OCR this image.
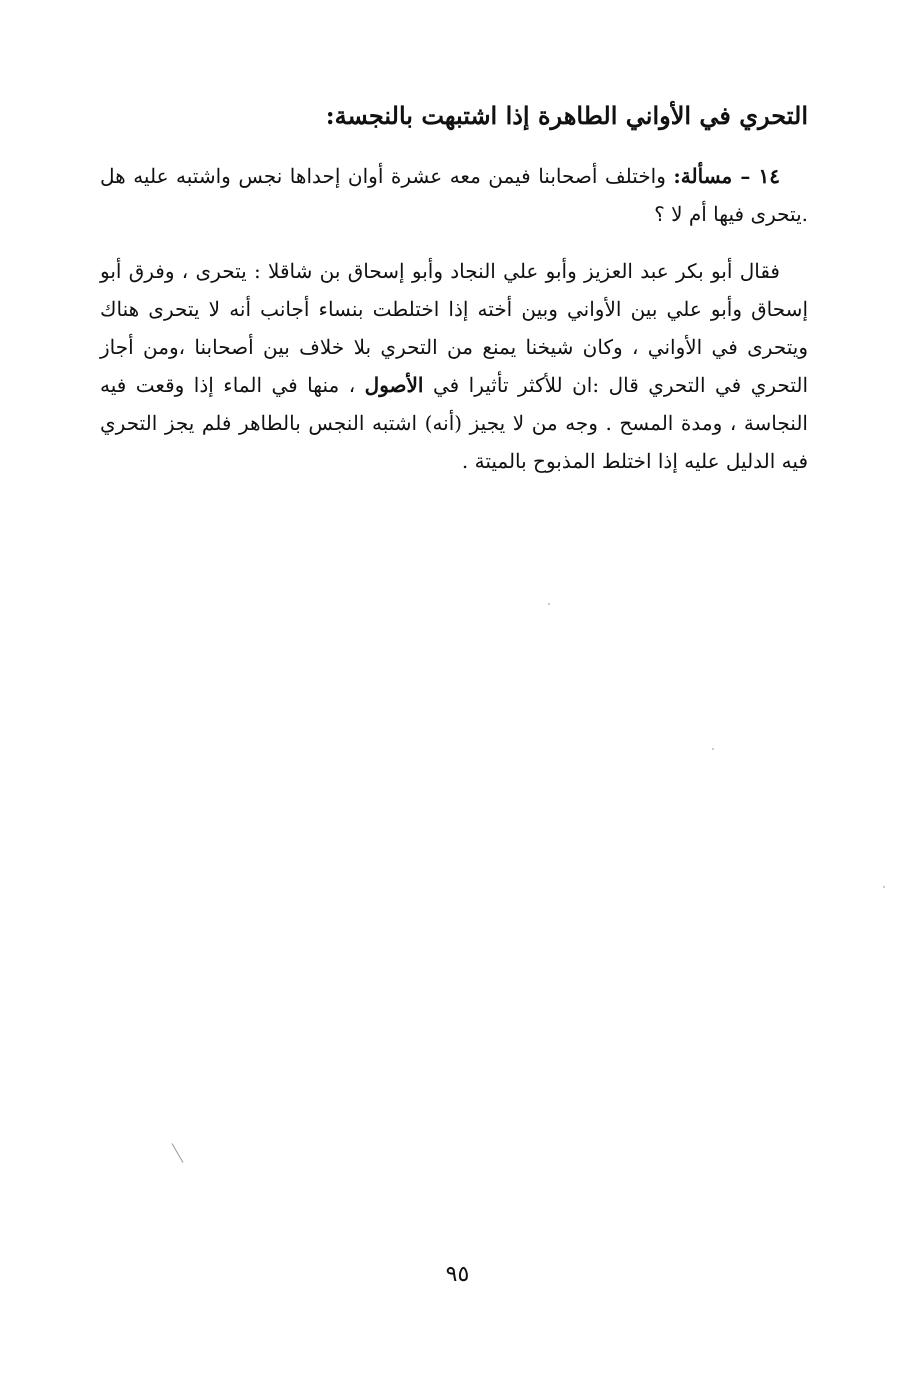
التحري في الأواني الطاهرة إذا اشتبهت بالنجسة:
١٤ – مسألة: واختلف أصحابنا فيمن معه عشرة أوان إحداها نجس واشتبه عليه هل .يتحرى فيها أم لا ؟
فقال أبو بكر عبد العزيز وأبو علي النجاد وأبو إسحاق بن شاقلا : يتحرى ، وفرق أبو إسحاق وأبو علي بين الأواني وبين أخته إذا اختلطت بنساء أجانب أنه لا يتحرى هناك ويتحرى في الأواني ، وكان شيخنا يمنع من التحري بلا خلاف بين أصحابنا ،ومن أجاز التحري في التحري قال :ان للأكثر تأثيرا في الأصول ، منها في الماء إذا وقعت فيه النجاسة ، ومدة المسح . وجه من لا يجيز (أنه) اشتبه النجس بالطاهر فلم يجز التحري فيه الدليل عليه إذا اختلط المذبوح بالميتة .
٩٥
